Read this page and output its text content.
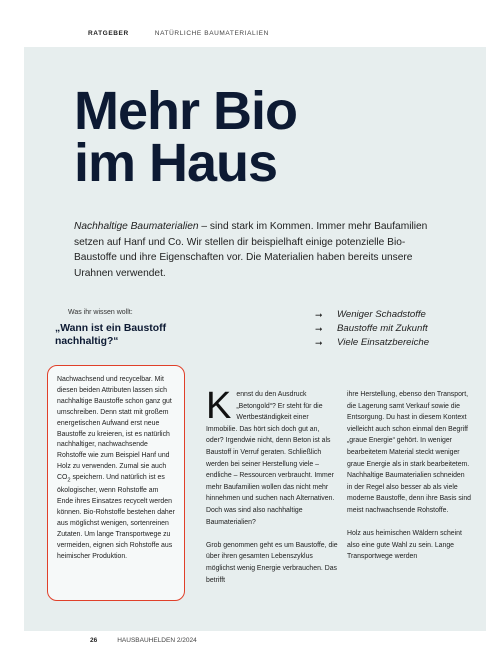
RATGEBER	NATÜRLICHE BAUMATERIALIEN
Mehr Bio
im Haus

Nachhaltige Baumaterialien – sind stark im Kommen. Immer mehr Baufamilien setzen auf Hanf und Co. Wir stellen dir beispielhaft einige potenzielle Bio-Baustoffe und ihre Eigenschaften vor. Die Materialien haben bereits unsere Urahnen verwendet.

Was ihr wissen wollt:

„Wann ist ein Baustoff nachhaltig?“

➞	Weniger Schadstoffe
➞	Baustoffe mit Zukunft
➞	Viele Einsatzbereiche

Nachwachsend und recycelbar. Mit diesen beiden Attributen lassen sich nachhaltige Baustoffe schon ganz gut umschreiben. Denn statt mit großem energetischen Aufwand erst neue Baustoffe zu kreieren, ist es natürlich nachhaltiger, nachwachsende Rohstoffe wie zum Beispiel Hanf und Holz zu verwenden. Zumal sie auch $CO_2$ speichern. Und natürlich ist es ökologischer, wenn Rohstoffe am Ende ihres Einsatzes recycelt werden können. Bio-Rohstoffe bestehen daher aus möglichst wenigen, sortenreinen Zutaten. Um lange Transportwege zu vermeiden, eignen sich Rohstoffe aus heimischer Produktion.

Kennst du den Ausdruck „Betongold“? Er steht für die Wertbeständigkeit einer Immobilie. Das hört sich doch gut an, oder? Irgendwie nicht, denn Beton ist als Baustoff in Verruf geraten. Schließlich werden bei seiner Herstellung viele – endliche – Ressourcen verbraucht. Immer mehr Baufamilien wollen das nicht mehr hinnehmen und suchen nach Alternativen. Doch was sind also nachhaltige Baumaterialien?

Grob genommen geht es um Baustoffe, die über ihren gesamten Lebenszyklus möglichst wenig Energie verbrauchen. Das betrifft

ihre Herstellung, ebenso den Transport, die Lagerung samt Verkauf sowie die Entsorgung. Du hast in diesem Kontext vielleicht auch schon einmal den Begriff „graue Energie“ gehört. In weniger bearbeitetem Material steckt weniger graue Energie als in stark bearbeitetem. Nachhaltige Baumaterialien schneiden in der Regel also besser ab als viele moderne Baustoffe, denn ihre Basis sind meist nachwachsende Rohstoffe.

Holz aus heimischen Wäldern scheint also eine gute Wahl zu sein. Lange Transportwege werden

26	HAUSBAUHELDEN 2/2024
